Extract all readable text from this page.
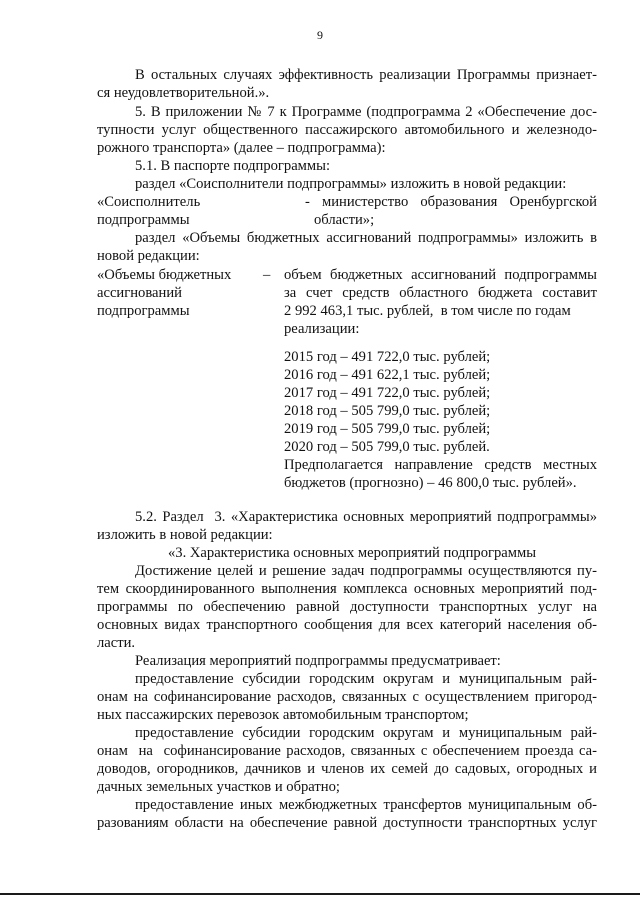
9
В остальных случаях эффективность реализации Программы признает-
ся неудовлетворительной.».
5. В приложении № 7 к Программе (подпрограмма 2 «Обеспечение дос-
тупности услуг общественного пассажирского автомобильного и железнодо-
рожного транспорта» (далее – подпрограмма):
5.1. В паспорте подпрограммы:
раздел «Соисполнители подпрограммы» изложить в новой редакции:
«Соисполнитель
подпрограммы
- министерство образования Оренбургской
области»;
раздел «Объемы бюджетных ассигнований подпрограммы» изложить в
новой редакции:
«Объемы бюджетных
ассигнований
подпрограммы
– объем бюджетных ассигнований подпрограммы
за счет средств областного бюджета составит
2 992 463,1 тыс. рублей,  в том числе по годам
реализации:
2015 год – 491 722,0 тыс. рублей;
2016 год – 491 622,1 тыс. рублей;
2017 год – 491 722,0 тыс. рублей;
2018 год – 505 799,0 тыс. рублей;
2019 год – 505 799,0 тыс. рублей;
2020 год – 505 799,0 тыс. рублей.
Предполагается направление средств местных
бюджетов (прогнозно) – 46 800,0 тыс. рублей».
5.2. Раздел  3. «Характеристика основных мероприятий подпрограммы»
изложить в новой редакции:
«3. Характеристика основных мероприятий подпрограммы
Достижение целей и решение задач подпрограммы осуществляются пу-
тем скоординированного выполнения комплекса основных мероприятий под-
программы по обеспечению равной доступности транспортных услуг на
основных видах транспортного сообщения для всех категорий населения об-
ласти.
Реализация мероприятий подпрограммы предусматривает:
предоставление субсидии городским округам и муниципальным рай-
онам на софинансирование расходов, связанных с осуществлением пригород-
ных пассажирских перевозок автомобильным транспортом;
предоставление субсидии городским округам и муниципальным рай-
онам  на  софинансирование расходов, связанных с обеспечением проезда са-
доводов, огородников, дачников и членов их семей до садовых, огородных и
дачных земельных участков и обратно;
предоставление иных межбюджетных трансфертов муниципальным об-
разованиям области на обеспечение равной доступности транспортных услуг
